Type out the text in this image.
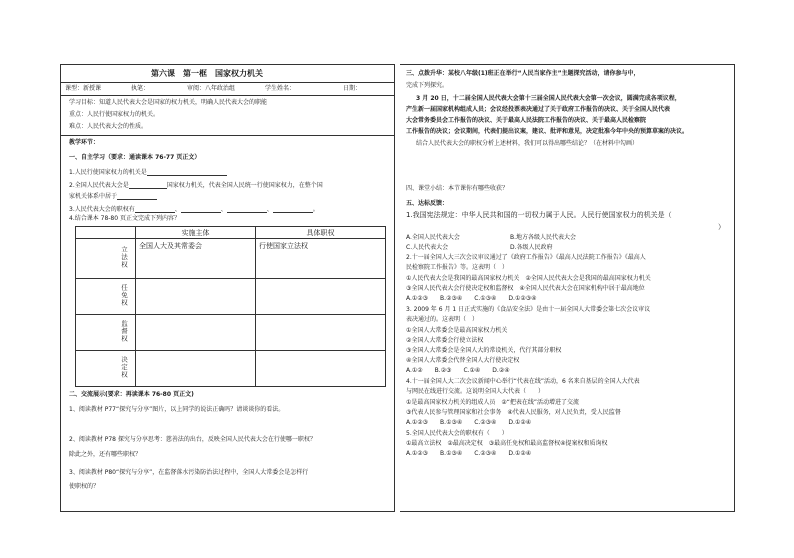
第六课　第一框　国家权力机关
课型：新授课	执笔：	审阅：八年政治组	学生姓名：	日期：
学习目标：知道人民代表大会是国家的权力机关，明确人民代表大会的职能
重点：人民行使国家权力的机关。
难点：人民代表大会的性质。
教学环节：
一、自主学习（要求：通读课本 76-77 页正文）
1.人民行使国家权力的机关是
2.全国人民代表大会是	国家权力机关，代表全国人民统一行使国家权力，在整个国
家机关体系中居于
3.人民代表大会的职权有	、	、	、	。
4.结合课本 78-80 页正文完成下列内容？
	实施主体	具体职权
立法权	全国人大及其常委会	行使国家立法权
任免权		
监督权		
决定权		
二、交流展示(要求：再读课本 76-80 页正文)
1、阅读教材 P77“探究与分享”图片，以上同学的说法正确吗？请谈谈你的看法。
2、阅读教材 P78 探究与分享思考：慈善法的出台，反映全国人民代表大会在行使哪一职权？
除此之外，还有哪些职权？
3、阅读教材 P80“探究与分享”，在监督落水污染防治法过程中，全国人大常委会是怎样行
使职权的？
三、点拨升华：某校八年级(1)班正在举行“人民当家作主”主题探究活动，请你参与中，
完成下列探究。
3 月 20 日，十二届全国人民代表大会第十三届全国人民代表大会第一次会议，圆满完成各项议程，
产生新一届国家机构组成人员；会议经投票表决通过了关于政府工作报告的决议、关于全国人民代表
大会常务委员会工作报告的决议、关于最高人民法院工作报告的决议、关于最高人民检察院
工作报告的决议；会议期间，代表们提出议案，建议、批评和意见，决定批准今年中央的预算草案的决议。
结合人民代表大会的职权分析上述材料，我们可以得出哪些结论？（在材料中勾画）
四、课堂小结：本节课你有哪些收获？
五、达标反馈：
1.我国宪法规定：中华人民共和国的一切权力属于人民。人民行使国家权力的机关是（
）
A.全国人民代表大会	B.地方各级人民代表大会
C.人民代表大会	D.各级人民政府
2.十一届全国人大三次会议审议通过了《政府工作报告》《最高人民法院工作报告》《最高人
民检察院工作报告》等。这表明（　）
①人民代表大会是我国的最高国家权力机关　②全国人民代表大会是我国的最高国家权力机关
③全国人民代表大会行使决定权和监督权　④全国人民代表大会在国家机构中居于最高地位
A.①②③　　B.②③④　　C.①③④　　D.①②③④
3. 2009 年 6 月 1 日正式实施的《食品安全法》是由十一届全国人大常委会第七次会议审议
表决通过的。这表明（　）
①全国人大常委会是最高国家权力机关
②全国人大常委会行使立法权
③全国人大常委会是全国人大的常设机关，代行其部分职权
④全国人大常委会代替全国人大行使决定权
A.①②　　B.②③　　C.①④　　D.②④
4.十一届全国人大二次会议新闻中心举行“代表在线”活动，6 名来自基层的全国人大代表
与网民在线进行交流。这说明全国人大代表（　　）
①是最高国家权力机关的组成人员　②“把表在线”活动增进了交流
③代表人民参与管理国家和社会事务　④代表人民服务，对人民负责，受人民监督
A.①②③　　B.①③④　　C.②③④　　D.①②④
5.全国人民代表大会的职权有（　　）
①最高立法权　②最高决定权　③最高任免权和最高监督权④提案权和质询权
A.①②③　　B.①③④　　C.②③④　　D.①②④
